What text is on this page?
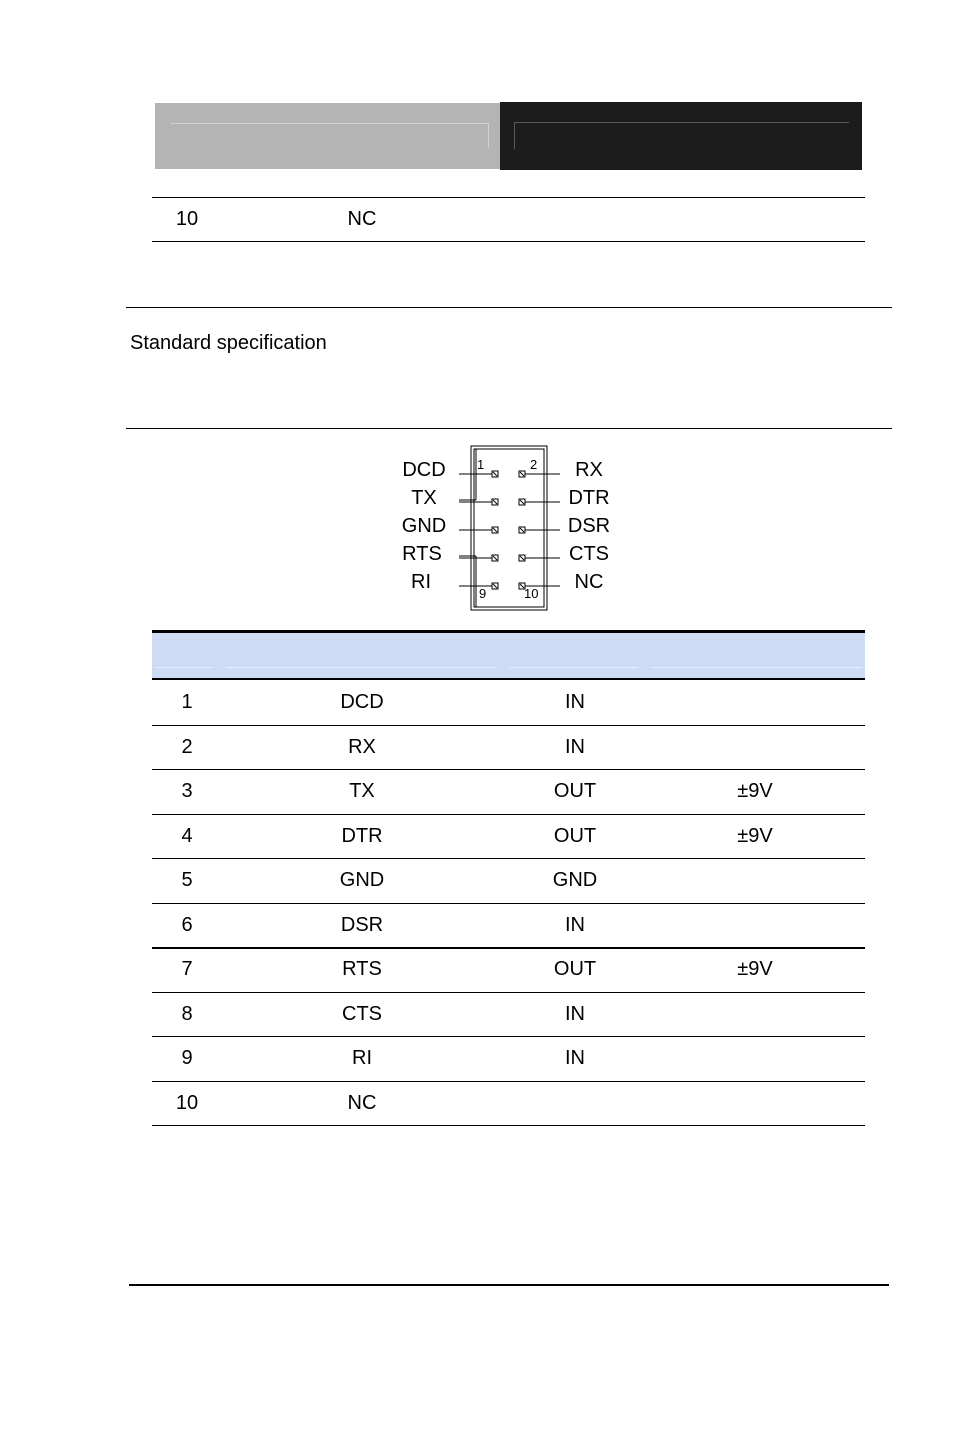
10	NC
Standard specification
1	2
9	10
DCD
TX
GND
RTS
RI
RX
DTR
DSR
CTS
NC
1	DCD	IN
2	RX	IN
3	TX	OUT	±9V
4	DTR	OUT	±9V
5	GND	GND
6	DSR	IN
7	RTS	OUT	±9V
8	CTS	IN
9	RI	IN
10	NC
